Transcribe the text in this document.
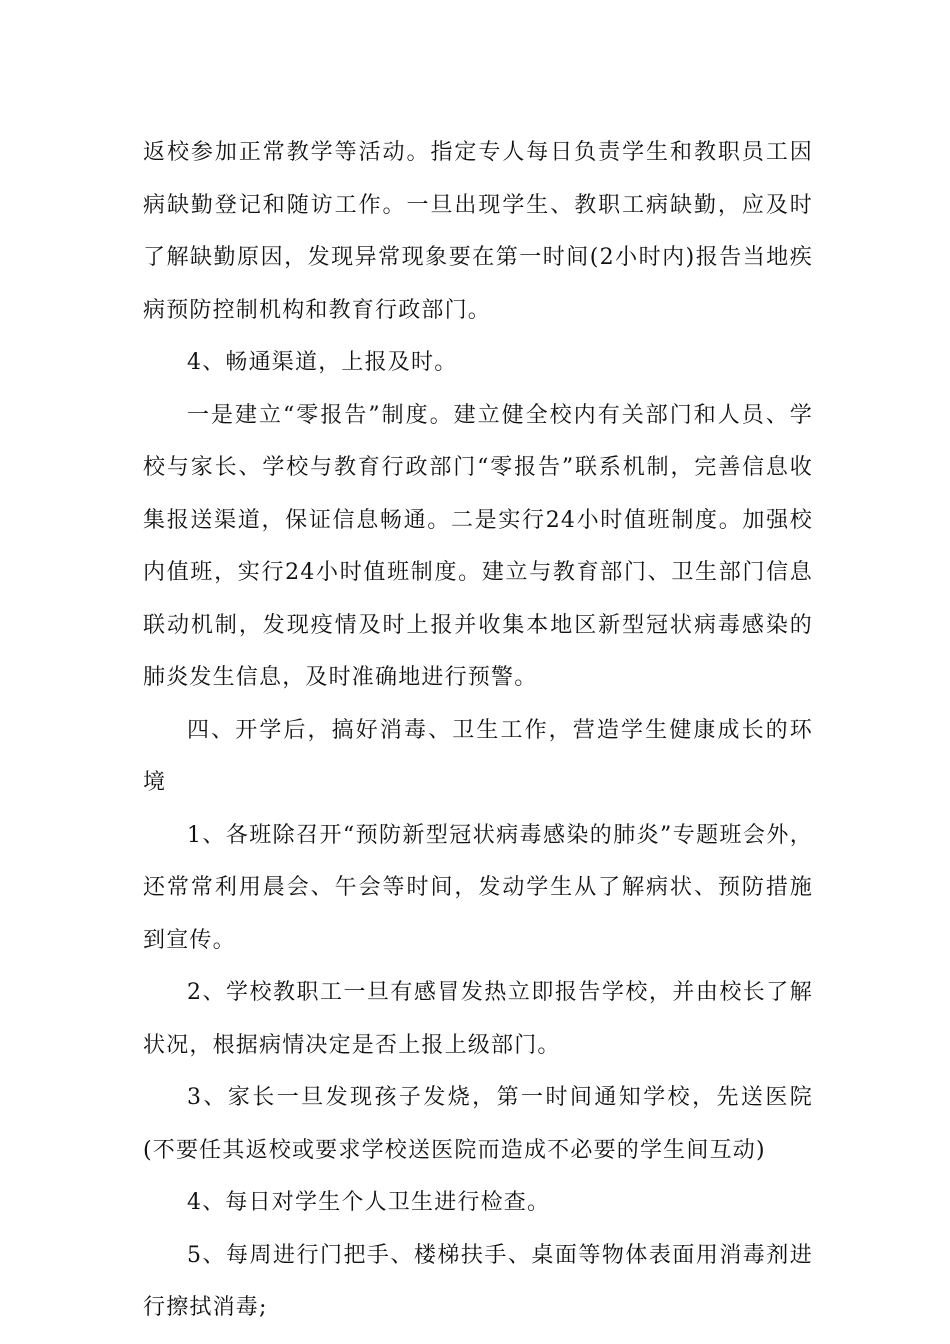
返校参加正常教学等活动。指定专人每日负责学生和教职员工因病缺勤登记和随访工作。一旦出现学生、教职工病缺勤，应及时了解缺勤原因，发现异常现象要在第一时间(2小时内)报告当地疾病预防控制机构和教育行政部门。

4、畅通渠道，上报及时。

一是建立“零报告”制度。建立健全校内有关部门和人员、学校与家长、学校与教育行政部门“零报告”联系机制，完善信息收集报送渠道，保证信息畅通。二是实行24小时值班制度。加强校内值班，实行24小时值班制度。建立与教育部门、卫生部门信息联动机制，发现疫情及时上报并收集本地区新型冠状病毒感染的肺炎发生信息，及时准确地进行预警。

四、开学后，搞好消毒、卫生工作，营造学生健康成长的环境

1、各班除召开“预防新型冠状病毒感染的肺炎”专题班会外，还常常利用晨会、午会等时间，发动学生从了解病状、预防措施到宣传。

2、学校教职工一旦有感冒发热立即报告学校，并由校长了解状况，根据病情决定是否上报上级部门。

3、家长一旦发现孩子发烧，第一时间通知学校，先送医院(不要任其返校或要求学校送医院而造成不必要的学生间互动)

4、每日对学生个人卫生进行检查。

5、每周进行门把手、楼梯扶手、桌面等物体表面用消毒剂进行擦拭消毒;
